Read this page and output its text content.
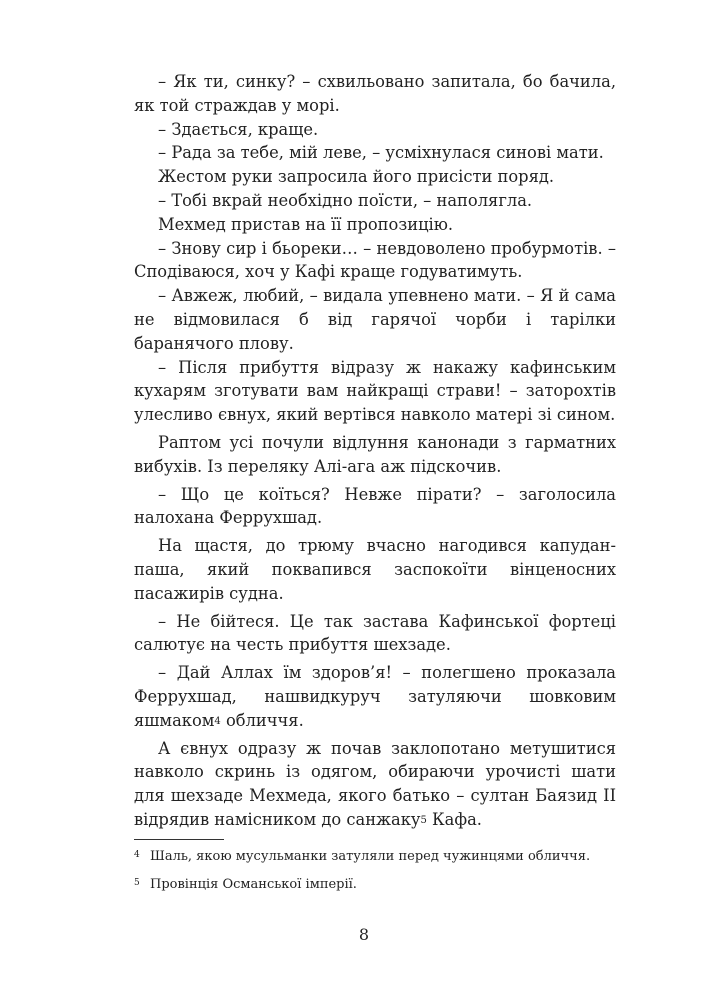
– Як ти, синку? – схвильовано запитала, бо бачила, як той страждав у морі.

– Здається, краще.

– Рада за тебе, мій леве, – усміхнулася синові мати.

Жестом руки запросила його присісти поряд.

– Тобі вкрай необхідно поїсти, – наполягла.

Мехмед пристав на її пропозицію.

– Знову сир і бьореки… – невдоволено пробурмотів. – Сподіваюся, хоч у Кафі краще годуватимуть.

– Авжеж, любий, – видала упевнено мати. – Я й сама не відмовилася б від гарячої чорби і тарілки баранячого плову.

– Після прибуття відразу ж накажу кафинським кухарям зготувати вам найкращі страви! – заторохтів улесливо євнух, який вертівся навколо матері зі сином.

Раптом усі почули відлуння канонади з гарматних вибухів. Із переляку Алі-ага аж підскочив.

– Що це коїться? Невже пірати? – заголосила налохана Феррухшад.

На щастя, до трюму вчасно нагодився капудан-паша, який поквапився заспокоїти вінценосних пасажирів судна.

– Не бійтеся. Це так застава Кафинської фортеці салютує на честь прибуття шехзаде.

– Дай Аллах їм здоров’я! – полегшено проказала Феррухшад, нашвидкуруч затуляючи шовковим яшмаком$^4$ обличчя.

А євнух одразу ж почав заклопотано метушитися навколо скринь із одягом, обираючи урочисті шати для шехзаде Мехмеда, якого батько – султан Баязид II відрядив намісником до санжаку$^5$ Кафа.

4 Шаль, якою мусульманки затуляли перед чужинцями обличчя.
5 Провінція Османської імперії.
8
